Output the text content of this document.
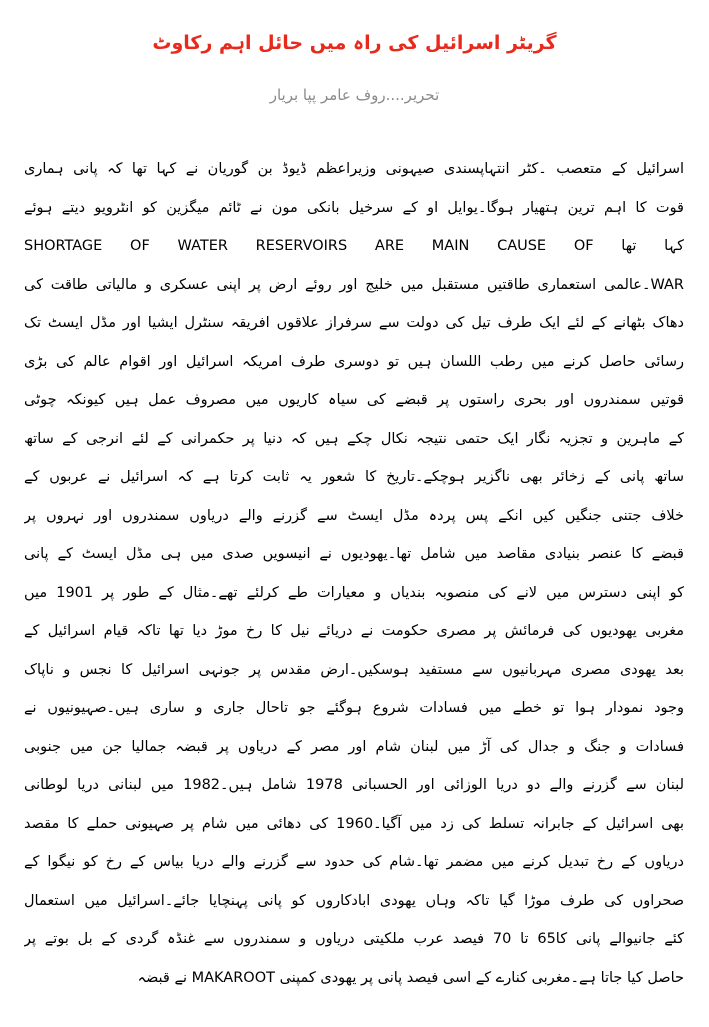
گریٹر اسرائیل کی راہ میں حائل اہم رکاوٹ
تحریر....روف عامر پپا بریار
اسرائیل کے متعصب ۔کٹر انتہاپسندی صیہونی وزیراعظم ڈیوڈ بن گوریان نے کہا تھا کہ پانی ہماری
قوت کا اہم ترین ہتھیار ہوگا۔یوایل او کے سرخیل بانکی مون نے ٹائم میگزین کو انٹرویو دیتے ہوئے
کہا تھا SHORTAGE OF WATER RESERVOIRS ARE MAIN CAUSE OF
WAR۔عالمی استعماری طاقتیں مستقبل میں خلیج اور روئے ارض پر اپنی عسکری و مالیاتی طاقت کی
دھاک بٹھانے کے لئے ایک طرف تیل کی دولت سے سرفراز علاقوں افریقہ سنٹرل ایشیا اور مڈل ایسٹ تک
رسائی حاصل کرنے میں رطب اللسان ہیں تو دوسری طرف امریکہ اسرائیل اور اقوام عالم کی بڑی
قوتیں سمندروں اور بحری راستوں پر قبضے کی سیاہ کاریوں میں مصروف عمل ہیں کیونکہ چوٹی
کے ماہرین و تجزیہ نگار ایک حتمی نتیجہ نکال چکے ہیں کہ دنیا پر حکمرانی کے لئے انرجی کے ساتھ
ساتھ پانی کے زخائر بھی ناگزیر ہوچکے۔تاریخ کا شعور یہ ثابت کرتا ہے کہ اسرائیل نے عربوں کے
خلاف جتنی جنگیں کیں انکے پس پردہ مڈل ایسٹ سے گزرنے والے دریاوں سمندروں اور نہروں پر
قبضے کا عنصر بنیادی مقاصد میں شامل تھا۔یھودیوں نے انیسویں صدی میں ہی مڈل ایسٹ کے پانی
کو اپنی دسترس میں لانے کی منصوبہ بندیاں و معیارات طے کرلئے تھے۔مثال کے طور پر 1901 میں
مغربی یھودیوں کی فرمائش پر مصری حکومت نے دریائے نیل کا رخ موڑ دیا تھا تاکہ قیام اسرائیل کے
بعد یھودی مصری مہربانیوں سے مستفید ہوسکیں۔ارض مقدس پر جونہی اسرائیل کا نجس و ناپاک
وجود نمودار ہوا تو خطے میں فسادات شروع ہوگئے جو تاحال جاری و ساری ہیں۔صہیونیوں نے
فسادات و جنگ و جدال کی آڑ میں لبنان شام اور مصر کے دریاوں پر قبضہ جمالیا جن میں جنوبی
لبنان سے گزرنے والے دو دریا الوزائی اور الحسبانی 1978 شامل ہیں۔1982 میں لبنانی دریا لوطانی
بھی اسرائیل کے جابرانہ تسلط کی زد میں آگیا۔1960 کی دھائی میں شام پر صہیونی حملے کا مقصد
دریاوں کے رخ تبدیل کرنے میں مضمر تھا۔شام کی حدود سے گزرنے والے دریا بیاس کے رخ کو نیگوا کے
صحراوں کی طرف موڑا گیا تاکہ وہاں یھودی ابادکاروں کو پانی پہنچایا جائے۔اسرائیل میں استعمال
کئے جانیوالے پانی کا65 تا 70 فیصد عرب ملکیتی دریاوں و سمندروں سے غنڈہ گردی کے بل بوتے پر
حاصل کیا جاتا ہے۔مغربی کنارے کے اسی فیصد پانی پر یھودی کمپنی MAKAROOT نے قبضہ
